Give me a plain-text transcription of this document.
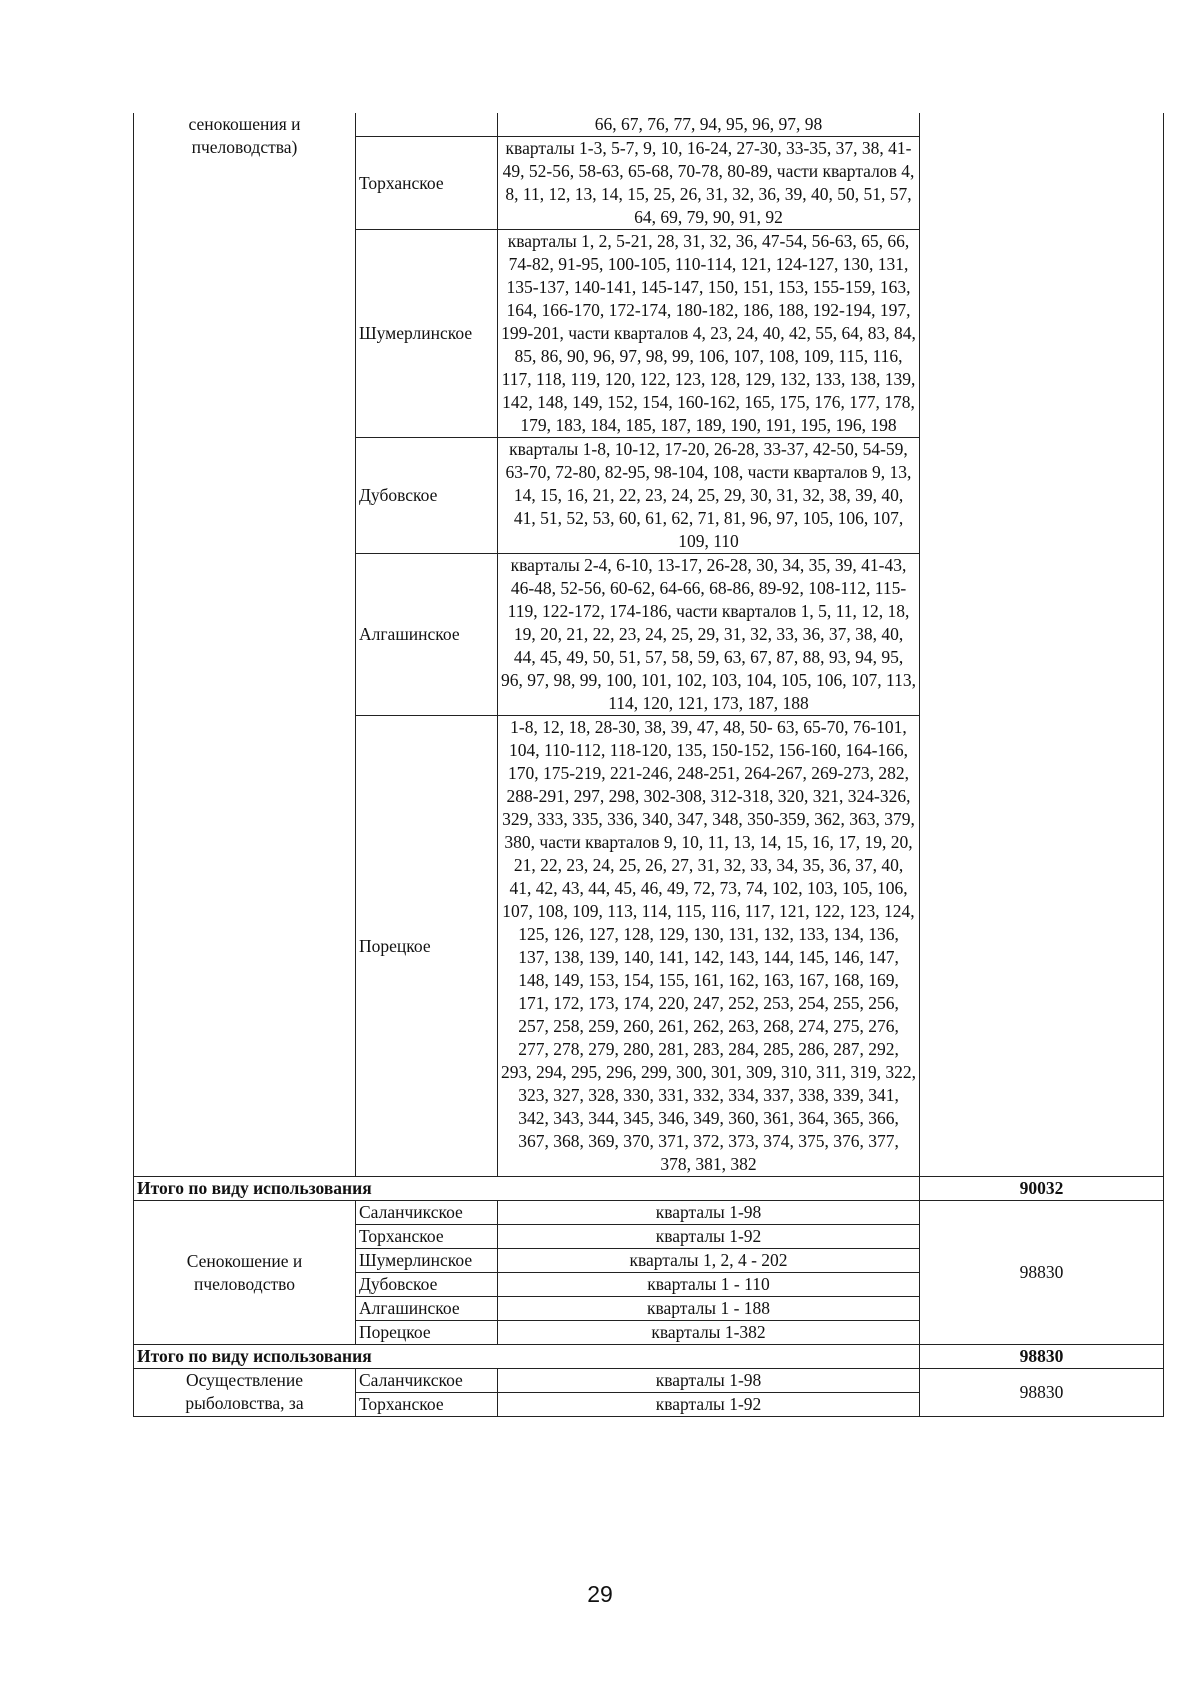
сенокошения и пчеловодства)		66, 67, 76, 77, 94, 95, 96, 97, 98	
	Торханское	кварталы 1-3, 5-7, 9, 10, 16-24, 27-30, 33-35, 37, 38, 41-49, 52-56, 58-63, 65-68, 70-78, 80-89, части кварталов 4, 8, 11, 12, 13, 14, 15, 25, 26, 31, 32, 36, 39, 40, 50, 51, 57, 64, 69, 79, 90, 91, 92	
	Шумерлинское	кварталы 1, 2, 5-21, 28, 31, 32, 36, 47-54, 56-63, 65, 66, 74-82, 91-95, 100-105, 110-114, 121, 124-127, 130, 131, 135-137, 140-141, 145-147, 150, 151, 153, 155-159, 163, 164, 166-170, 172-174, 180-182, 186, 188, 192-194, 197, 199-201, части кварталов 4, 23, 24, 40, 42, 55, 64, 83, 84, 85, 86, 90, 96, 97, 98, 99, 106, 107, 108, 109, 115, 116, 117, 118, 119, 120, 122, 123, 128, 129, 132, 133, 138, 139, 142, 148, 149, 152, 154, 160-162, 165, 175, 176, 177, 178, 179, 183, 184, 185, 187, 189, 190, 191, 195, 196, 198	
	Дубовское	кварталы 1-8, 10-12, 17-20, 26-28, 33-37, 42-50, 54-59, 63-70, 72-80, 82-95, 98-104, 108, части кварталов 9, 13, 14, 15, 16, 21, 22, 23, 24, 25, 29, 30, 31, 32, 38, 39, 40, 41, 51, 52, 53, 60, 61, 62, 71, 81, 96, 97, 105, 106, 107, 109, 110	
	Алгашинское	кварталы 2-4, 6-10, 13-17, 26-28, 30, 34, 35, 39, 41-43, 46-48, 52-56, 60-62, 64-66, 68-86, 89-92, 108-112, 115-119, 122-172, 174-186, части кварталов 1, 5, 11, 12, 18, 19, 20, 21, 22, 23, 24, 25, 29, 31, 32, 33, 36, 37, 38, 40, 44, 45, 49, 50, 51, 57, 58, 59, 63, 67, 87, 88, 93, 94, 95, 96, 97, 98, 99, 100, 101, 102, 103, 104, 105, 106, 107, 113, 114, 120, 121, 173, 187, 188	
	Порецкое	1-8, 12, 18, 28-30, 38, 39, 47, 48, 50- 63, 65-70, 76-101, 104, 110-112, 118-120, 135, 150-152, 156-160, 164-166, 170, 175-219, 221-246, 248-251, 264-267, 269-273, 282, 288-291, 297, 298, 302-308, 312-318, 320, 321, 324-326, 329, 333, 335, 336, 340, 347, 348, 350-359, 362, 363, 379, 380, части кварталов 9, 10, 11, 13, 14, 15, 16, 17, 19, 20, 21, 22, 23, 24, 25, 26, 27, 31, 32, 33, 34, 35, 36, 37, 40, 41, 42, 43, 44, 45, 46, 49, 72, 73, 74, 102, 103, 105, 106, 107, 108, 109, 113, 114, 115, 116, 117, 121, 122, 123, 124, 125, 126, 127, 128, 129, 130, 131, 132, 133, 134, 136, 137, 138, 139, 140, 141, 142, 143, 144, 145, 146, 147, 148, 149, 153, 154, 155, 161, 162, 163, 167, 168, 169, 171, 172, 173, 174, 220, 247, 252, 253, 254, 255, 256, 257, 258, 259, 260, 261, 262, 263, 268, 274, 275, 276, 277, 278, 279, 280, 281, 283, 284, 285, 286, 287, 292, 293, 294, 295, 296, 299, 300, 301, 309, 310, 311, 319, 322, 323, 327, 328, 330, 331, 332, 334, 337, 338, 339, 341, 342, 343, 344, 345, 346, 349, 360, 361, 364, 365, 366, 367, 368, 369, 370, 371, 372, 373, 374, 375, 376, 377, 378, 381, 382	
Итого по виду использования			90032
Сенокошение и пчеловодство	Саланчикское	кварталы 1-98	98830
	Торханское	кварталы 1-92	
	Шумерлинское	кварталы 1, 2, 4 - 202	
	Дубовское	кварталы 1 - 110	
	Алгашинское	кварталы 1 - 188	
	Порецкое	кварталы 1-382	
Итого по виду использования			98830
Осуществление рыболовства, за	Саланчикское	кварталы 1-98	98830
	Торханское	кварталы 1-92	
29
